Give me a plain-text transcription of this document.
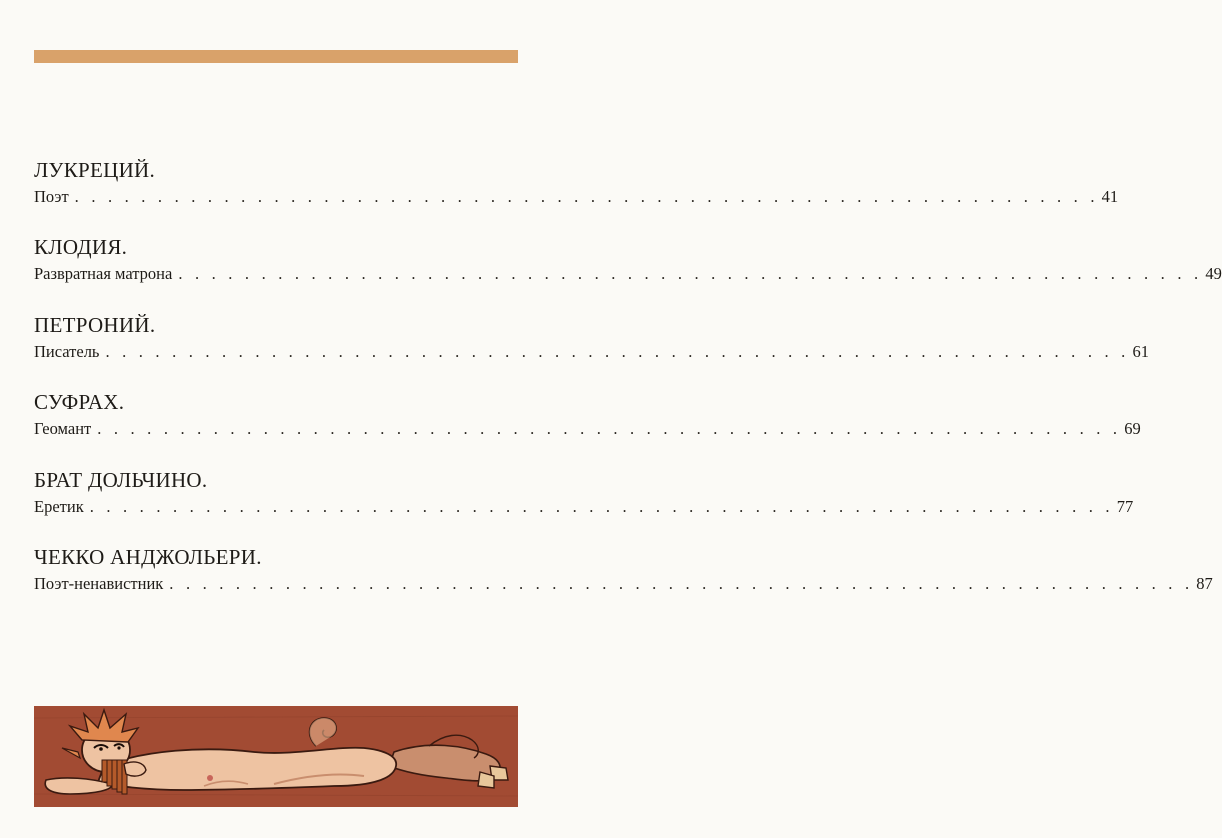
ЛУКРЕЦИЙ.
Поэт . . . . . . . . . . . . . . . . . . . . . . . . . . . . . . . . . . . . . . . . . . . . . . . . . . . . . . . . . . . . . . 41
КЛОДИЯ.
Развратная матрона . . . . . . . . . . . . . . . . . . . . . . . . . . . . . . . . . . . . . . . . . . . . . . . . . . . . . . . . . . . . . . 49
ПЕТРОНИЙ.
Писатель . . . . . . . . . . . . . . . . . . . . . . . . . . . . . . . . . . . . . . . . . . . . . . . . . . . . . . . . . . . . . . 61
СУФРАХ.
Геомант . . . . . . . . . . . . . . . . . . . . . . . . . . . . . . . . . . . . . . . . . . . . . . . . . . . . . . . . . . . . . . 69
БРАТ ДОЛЬЧИНО.
Еретик . . . . . . . . . . . . . . . . . . . . . . . . . . . . . . . . . . . . . . . . . . . . . . . . . . . . . . . . . . . . . . 77
ЧЕККО АНДЖОЛЬЕРИ.
Поэт-ненавистник . . . . . . . . . . . . . . . . . . . . . . . . . . . . . . . . . . . . . . . . . . . . . . . . . . . . . . . . . . . . . . 87
